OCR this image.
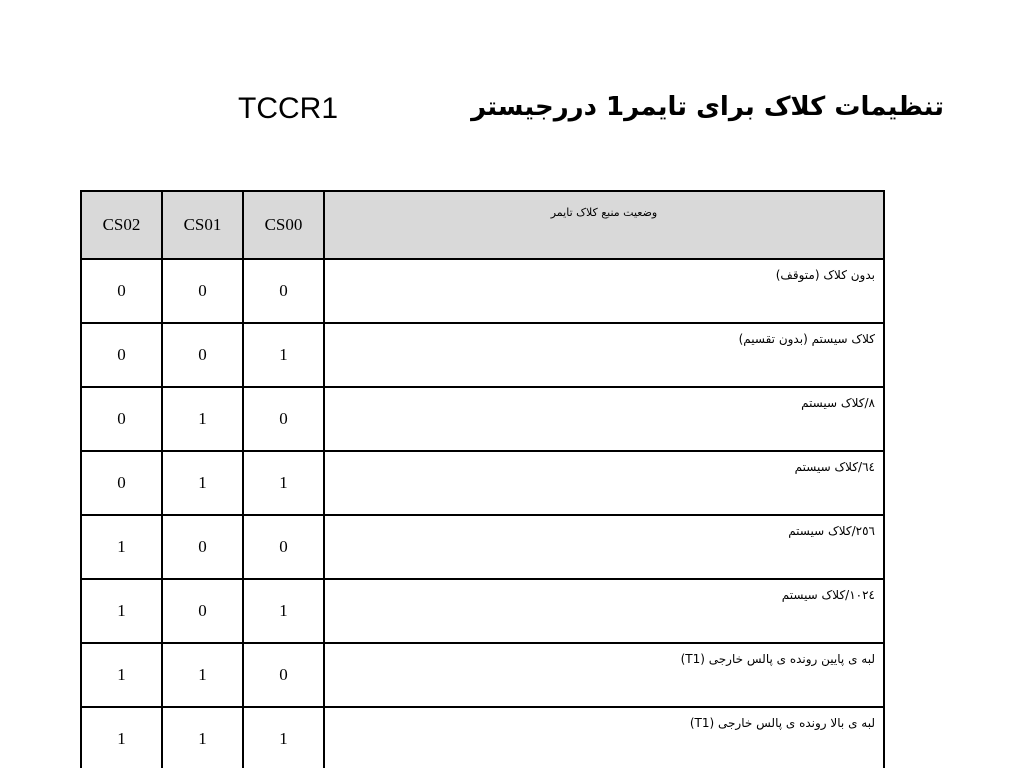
تنظیمات کلاک برای تایمر1 دررجیستر
TCCR1
CS02	CS01	CS00	وضعیت منبع کلاک تایمر
0	0	0	بدون کلاک (متوقف)
0	0	1	کلاک سیستم (بدون تقسیم)
0	1	0	۸/کلاک سیستم
0	1	1	٦٤/کلاک سیستم
1	0	0	٢٥٦/کلاک سیستم
1	0	1	١٠٢٤/کلاک سیستم
1	1	0	لبه ی پایین رونده ی پالس خارجی (T1)
1	1	1	لبه ی بالا رونده ی پالس خارجی (T1)
